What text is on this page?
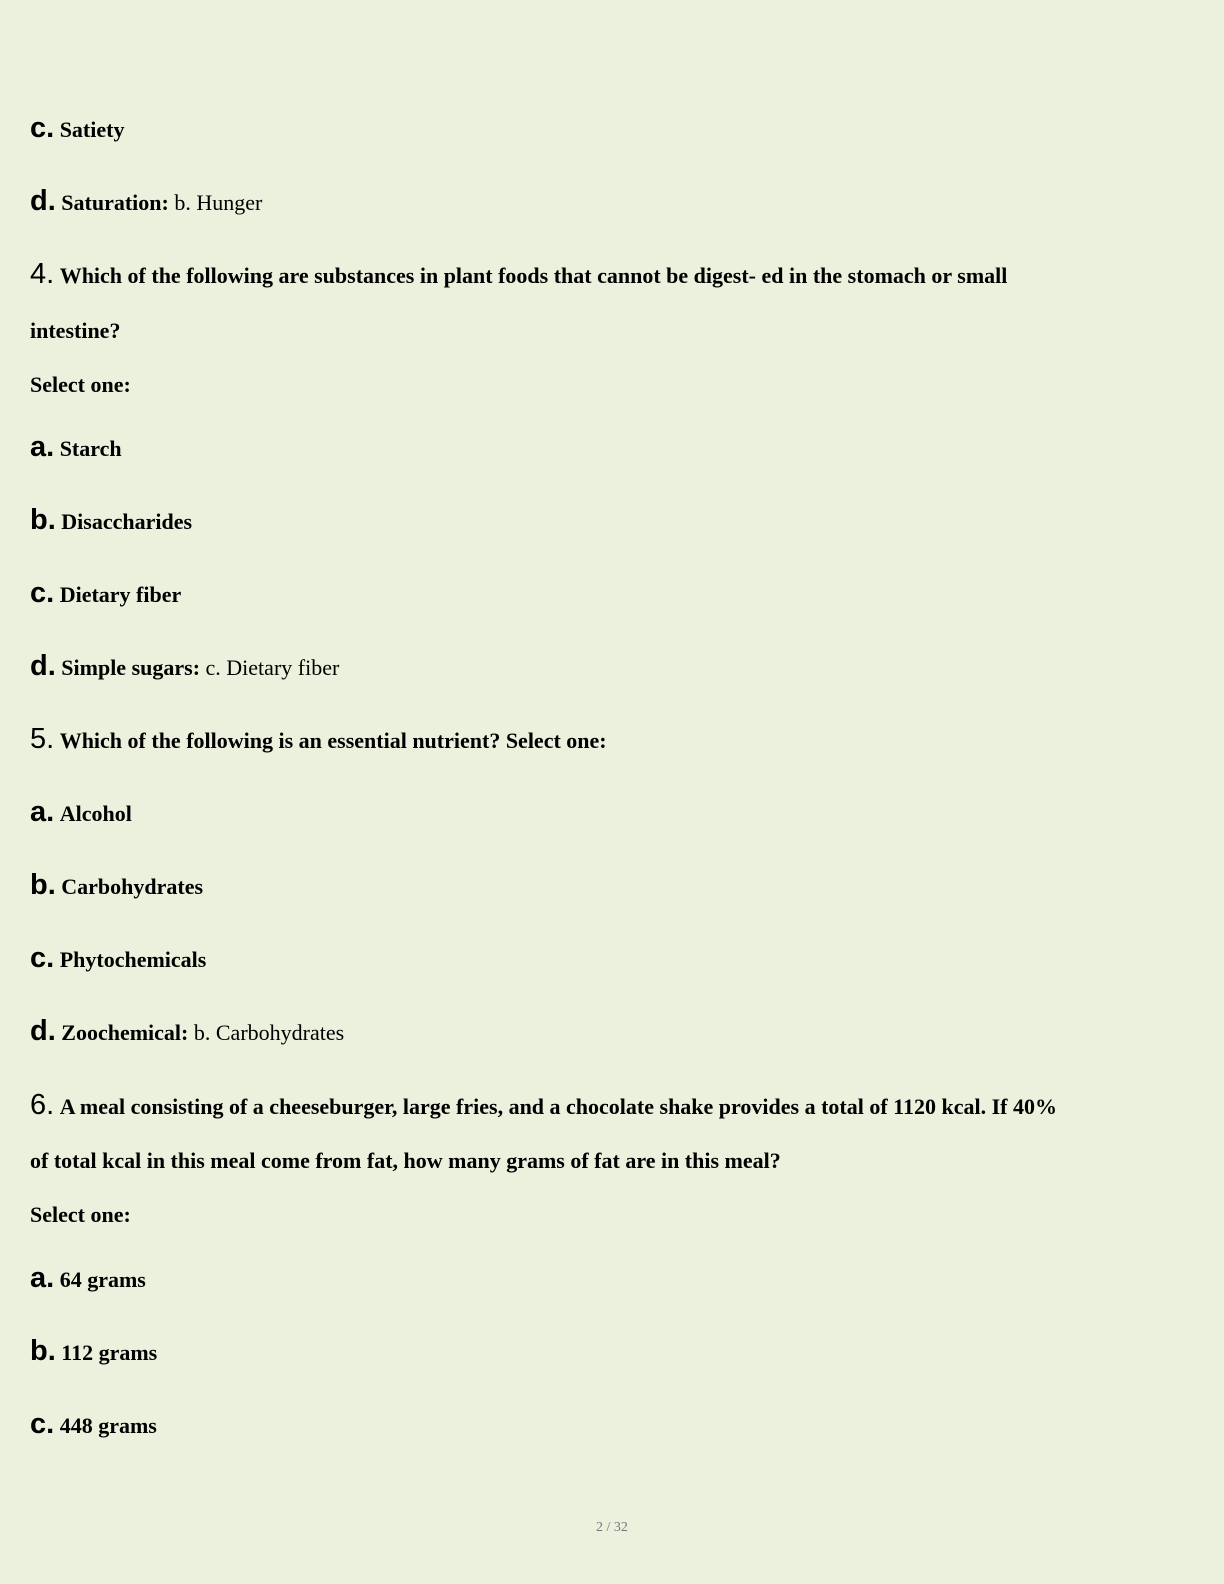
c. Satiety
d. Saturation: b. Hunger
4. Which of the following are substances in plant foods that cannot be digest- ed in the stomach or small
intestine?
Select one:
a. Starch
b. Disaccharides
c. Dietary fiber
d. Simple sugars: c. Dietary fiber
5. Which of the following is an essential nutrient? Select one:
a. Alcohol
b. Carbohydrates
c. Phytochemicals
d. Zoochemical: b. Carbohydrates
6. A meal consisting of a cheeseburger, large fries, and a chocolate shake provides a total of 1120 kcal. If 40%
of total kcal in this meal come from fat, how many grams of fat are in this meal?
Select one:
a. 64 grams
b. 112 grams
c. 448 grams
2 / 32
